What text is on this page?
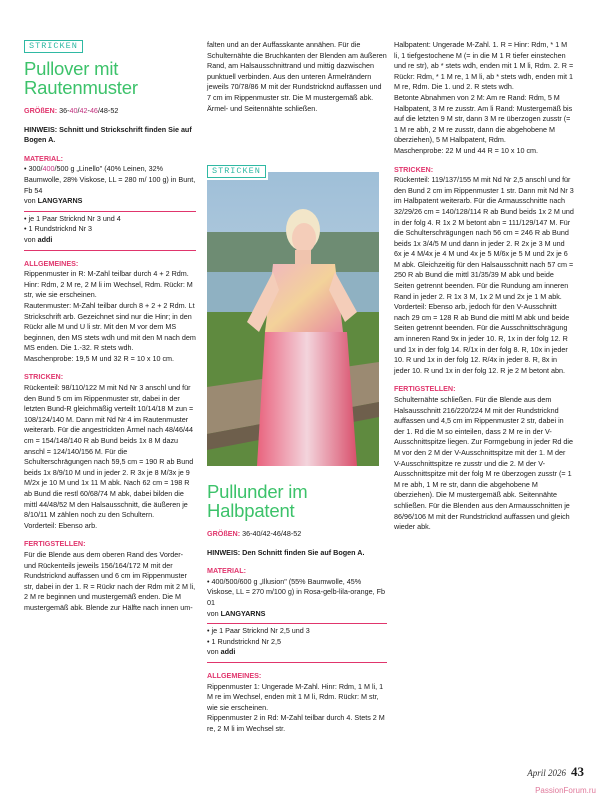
STRICKEN
Pullover mit Rautenmuster

GRÖßEN: 36-40/42-46/48-52

HINWEIS: Schnitt und Strickschrift finden Sie auf Bogen A.

MATERIAL:

• 300/400/500 g „Linello" (40% Leinen, 32% Baumwolle, 28% Viskose, LL = 280 m/ 100 g) in Bunt, Fb 54

von LANGYARNS

• je 1 Paar Stricknd Nr 3 und 4

• 1 Rundstricknd Nr 3

von addi

ALLGEMEINES:

Rippenmuster in R: M-Zahl teilbar durch 4 + 2 Rdm. Hinr: Rdm, 2 M re, 2 M li im Wechsel, Rdm. Rückr: M str, wie sie erscheinen.

Rautenmuster: M-Zahl teilbar durch 8 + 2 + 2 Rdm. Lt Strickschrift arb. Gezeichnet sind nur die Hinr; in den Rückr alle M und U li str. Mit den M vor dem MS beginnen, den MS stets wdh und mit den M nach dem MS enden. Die 1.-32. R stets wdh.

Maschenprobe: 19,5 M und 32 R = 10 x 10 cm.

STRICKEN:

Rückenteil: 98/110/122 M mit Nd Nr 3 anschl und für den Bund 5 cm im Rippenmuster str, dabei in der letzten Bund-R gleichmäßig verteilt 10/14/18 M zun = 108/124/140 M. Dann mit Nd Nr 4 im Rautenmuster weiterarb. Für die angestrickten Ärmel nach 48/46/44 cm = 154/148/140 R ab Bund beids 1x 8 M dazu anschl = 124/140/156 M. Für die Schulterschrägungen nach 59,5 cm = 190 R ab Bund beids 1x 8/9/10 M und in jeder 2. R 3x je 8 M/3x je 9 M/2x je 10 M und 1x 11 M abk. Nach 62 cm = 198 R ab Bund die restl 60/68/74 M abk, dabei bilden die mittl 44/48/52 M den Halsausschnitt, die äußeren je 8/10/11 M zählen noch zu den Schultern.

Vorderteil: Ebenso arb.

FERTIGSTELLEN:

Für die Blende aus dem oberen Rand des Vorder- und Rückenteils jeweils 156/164/172 M mit der Rundstricknd auffassen und 6 cm im Rippenmuster str, dabei in der 1. R = Rückr nach der Rdm mit 2 M li, 2 M re beginnen und mustergemäß enden. Die M mustergemäß abk. Blende zur Hälfte nach innen um-

falten und an der Auffasskante annähen. Für die Schulternähte die Bruchkanten der Blenden am äußeren Rand, am Halsausschnittrand und mittig dazwischen punktuell verbinden. Aus den unteren Ärmelrändern jeweils 70/78/86 M mit der Rundstricknd auffassen und 7 cm im Rippenmuster str. Die M mustergemäß abk. Ärmel- und Seitennähte schließen.

STRICKEN
Pullunder im Halbpatent

GRÖßEN: 36-40/42-46/48-52

HINWEIS: Den Schnitt finden Sie auf Bogen A.

MATERIAL:

• 400/500/600 g „Illusion" (55% Baumwolle, 45% Viskose, LL = 270 m/100 g) in Rosa-gelb-lila-orange, Fb 01

von LANGYARNS

• je 1 Paar Stricknd Nr 2,5 und 3

• 1 Rundstricknd Nr 2,5

von addi

ALLGEMEINES:

Rippenmuster 1: Ungerade M-Zahl. Hinr: Rdm, 1 M li, 1 M re im Wechsel, enden mit 1 M li, Rdm. Rückr: M str, wie sie erscheinen.

Rippenmuster 2 in Rd: M-Zahl teilbar durch 4. Stets 2 M re, 2 M li im Wechsel str.

Halbpatent: Ungerade M-Zahl. 1. R = Hinr: Rdm, * 1 M li, 1 tiefgestochene M (= in die M 1 R tiefer einstechen und re str), ab * stets wdh, enden mit 1 M li, Rdm. 2. R = Rückr: Rdm, * 1 M re, 1 M li, ab * stets wdh, enden mit 1 M re, Rdm. Die 1. und 2. R stets wdh.

Betonte Abnahmen von 2 M: Am re Rand: Rdm, 5 M Halbpatent, 3 M re zusstr. Am li Rand: Mustergemäß bis auf die letzten 9 M str, dann 3 M re überzogen zusstr (= 1 M re abh, 2 M re zusstr, dann die abgehobene M überziehen), 5 M Halbpatent, Rdm.

Maschenprobe: 22 M und 44 R = 10 x 10 cm.

STRICKEN:

Rückenteil: 119/137/155 M mit Nd Nr 2,5 anschl und für den Bund 2 cm im Rippenmuster 1 str. Dann mit Nd Nr 3 im Halbpatent weiterarb. Für die Armausschnitte nach 32/29/26 cm = 140/128/114 R ab Bund beids 1x 2 M und in der folg 4. R 1x 2 M betont abn = 111/129/147 M. Für die Schulterschrägungen nach 56 cm = 246 R ab Bund beids 1x 3/4/5 M und dann in jeder 2. R 2x je 3 M und 6x je 4 M/4x je 4 M und 4x je 5 M/6x je 5 M und 2x je 6 M abk. Gleichzeitig für den Halsausschnitt nach 57 cm = 250 R ab Bund die mittl 31/35/39 M abk und beide Seiten getrennt beenden. Für die Rundung am inneren Rand in jeder 2. R 1x 3 M, 1x 2 M und 2x je 1 M abk.

Vorderteil: Ebenso arb, jedoch für den V-Ausschnitt nach 29 cm = 128 R ab Bund die mittl M abk und beide Seiten getrennt beenden. Für die Ausschnittschrägung am inneren Rand 9x in jeder 10. R, 1x in der folg 12. R und 1x in der folg 14. R/1x in der folg 8. R, 10x in jeder 10. R und 1x in der folg 12. R/4x in jeder 8. R, 8x in jeder 10. R und 1x in der folg 12. R je 2 M betont abn.

FERTIGSTELLEN:

Schulternähte schließen. Für die Blende aus dem Halsausschnitt 216/220/224 M mit der Rundstricknd auffassen und 4,5 cm im Rippenmuster 2 str, dabei in der 1. Rd die M so einteilen, dass 2 M re in der V-Ausschnittspitze liegen. Zur Formgebung in jeder Rd die M vor den 2 M der V-Ausschnittspitze mit der 1. M der V-Ausschnittspitze re zusstr und die 2. M der V-Ausschnittspitze mit der folg M re überzogen zusstr (= 1 M re abh, 1 M re str, dann die abgehobene M überziehen). Die M mustergemäß abk. Seitennähte schließen. Für die Blenden aus den Armausschnitten je 86/96/106 M mit der Rundstricknd auffassen und gleich wieder abk.

April 2026 43
PassionForum.ru
